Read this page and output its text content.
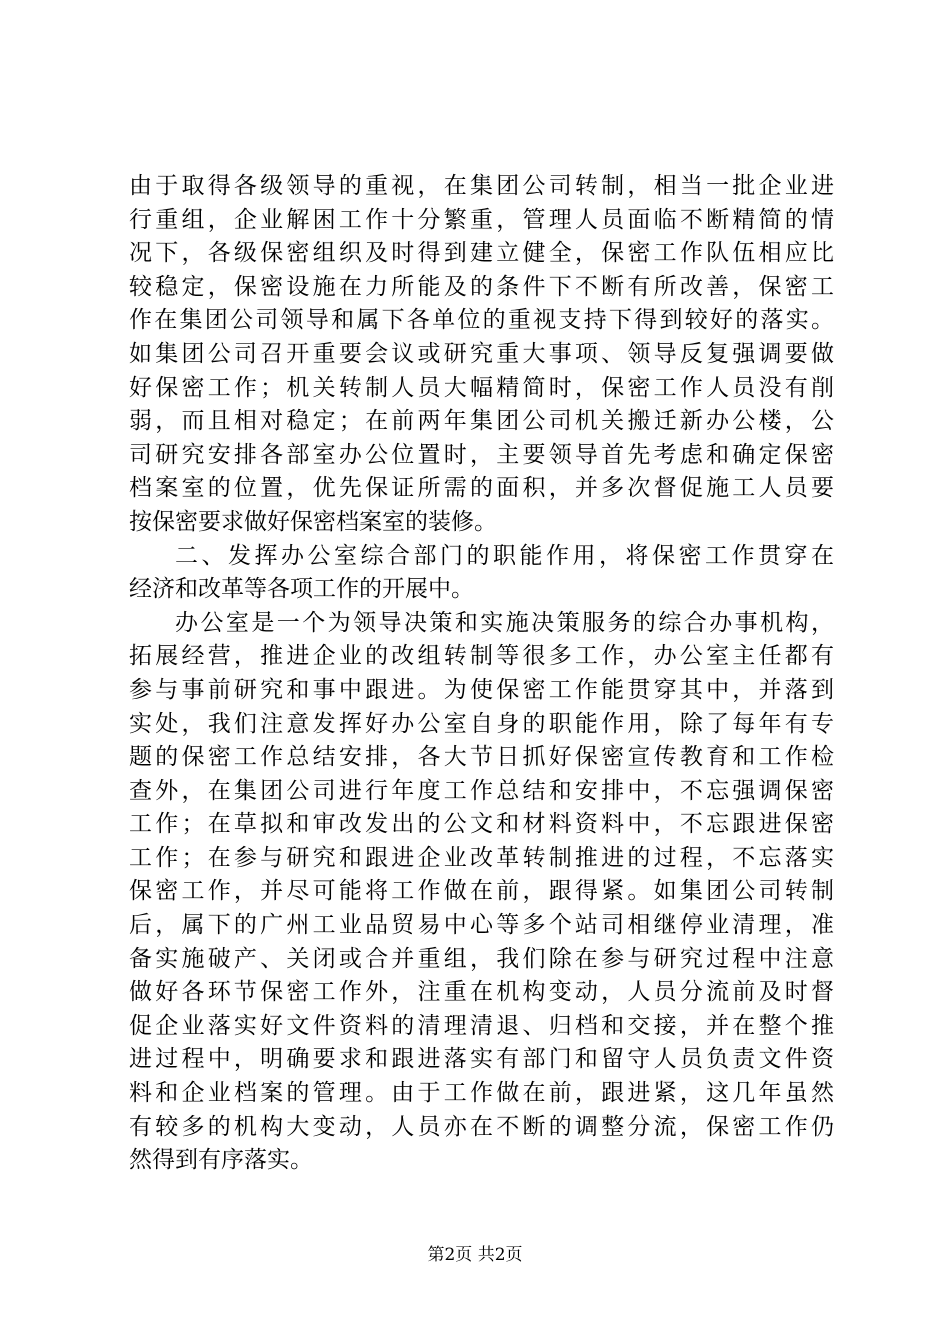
由于取得各级领导的重视，在集团公司转制，相当一批企业进
行重组，企业解困工作十分繁重，管理人员面临不断精简的情
况下，各级保密组织及时得到建立健全，保密工作队伍相应比
较稳定，保密设施在力所能及的条件下不断有所改善，保密工
作在集团公司领导和属下各单位的重视支持下得到较好的落实。
如集团公司召开重要会议或研究重大事项、领导反复强调要做
好保密工作；机关转制人员大幅精简时，保密工作人员没有削
弱，而且相对稳定；在前两年集团公司机关搬迁新办公楼，公
司研究安排各部室办公位置时，主要领导首先考虑和确定保密
档案室的位置，优先保证所需的面积，并多次督促施工人员要
按保密要求做好保密档案室的装修。
二、发挥办公室综合部门的职能作用，将保密工作贯穿在
经济和改革等各项工作的开展中。
办公室是一个为领导决策和实施决策服务的综合办事机构，
拓展经营，推进企业的改组转制等很多工作，办公室主任都有
参与事前研究和事中跟进。为使保密工作能贯穿其中，并落到
实处，我们注意发挥好办公室自身的职能作用，除了每年有专
题的保密工作总结安排，各大节日抓好保密宣传教育和工作检
查外，在集团公司进行年度工作总结和安排中，不忘强调保密
工作；在草拟和审改发出的公文和材料资料中，不忘跟进保密
工作；在参与研究和跟进企业改革转制推进的过程，不忘落实
保密工作，并尽可能将工作做在前，跟得紧。如集团公司转制
后，属下的广州工业品贸易中心等多个站司相继停业清理，准
备实施破产、关闭或合并重组，我们除在参与研究过程中注意
做好各环节保密工作外，注重在机构变动，人员分流前及时督
促企业落实好文件资料的清理清退、归档和交接，并在整个推
进过程中，明确要求和跟进落实有部门和留守人员负责文件资
料和企业档案的管理。由于工作做在前，跟进紧，这几年虽然
有较多的机构大变动，人员亦在不断的调整分流，保密工作仍
然得到有序落实。
第2页 共2页
